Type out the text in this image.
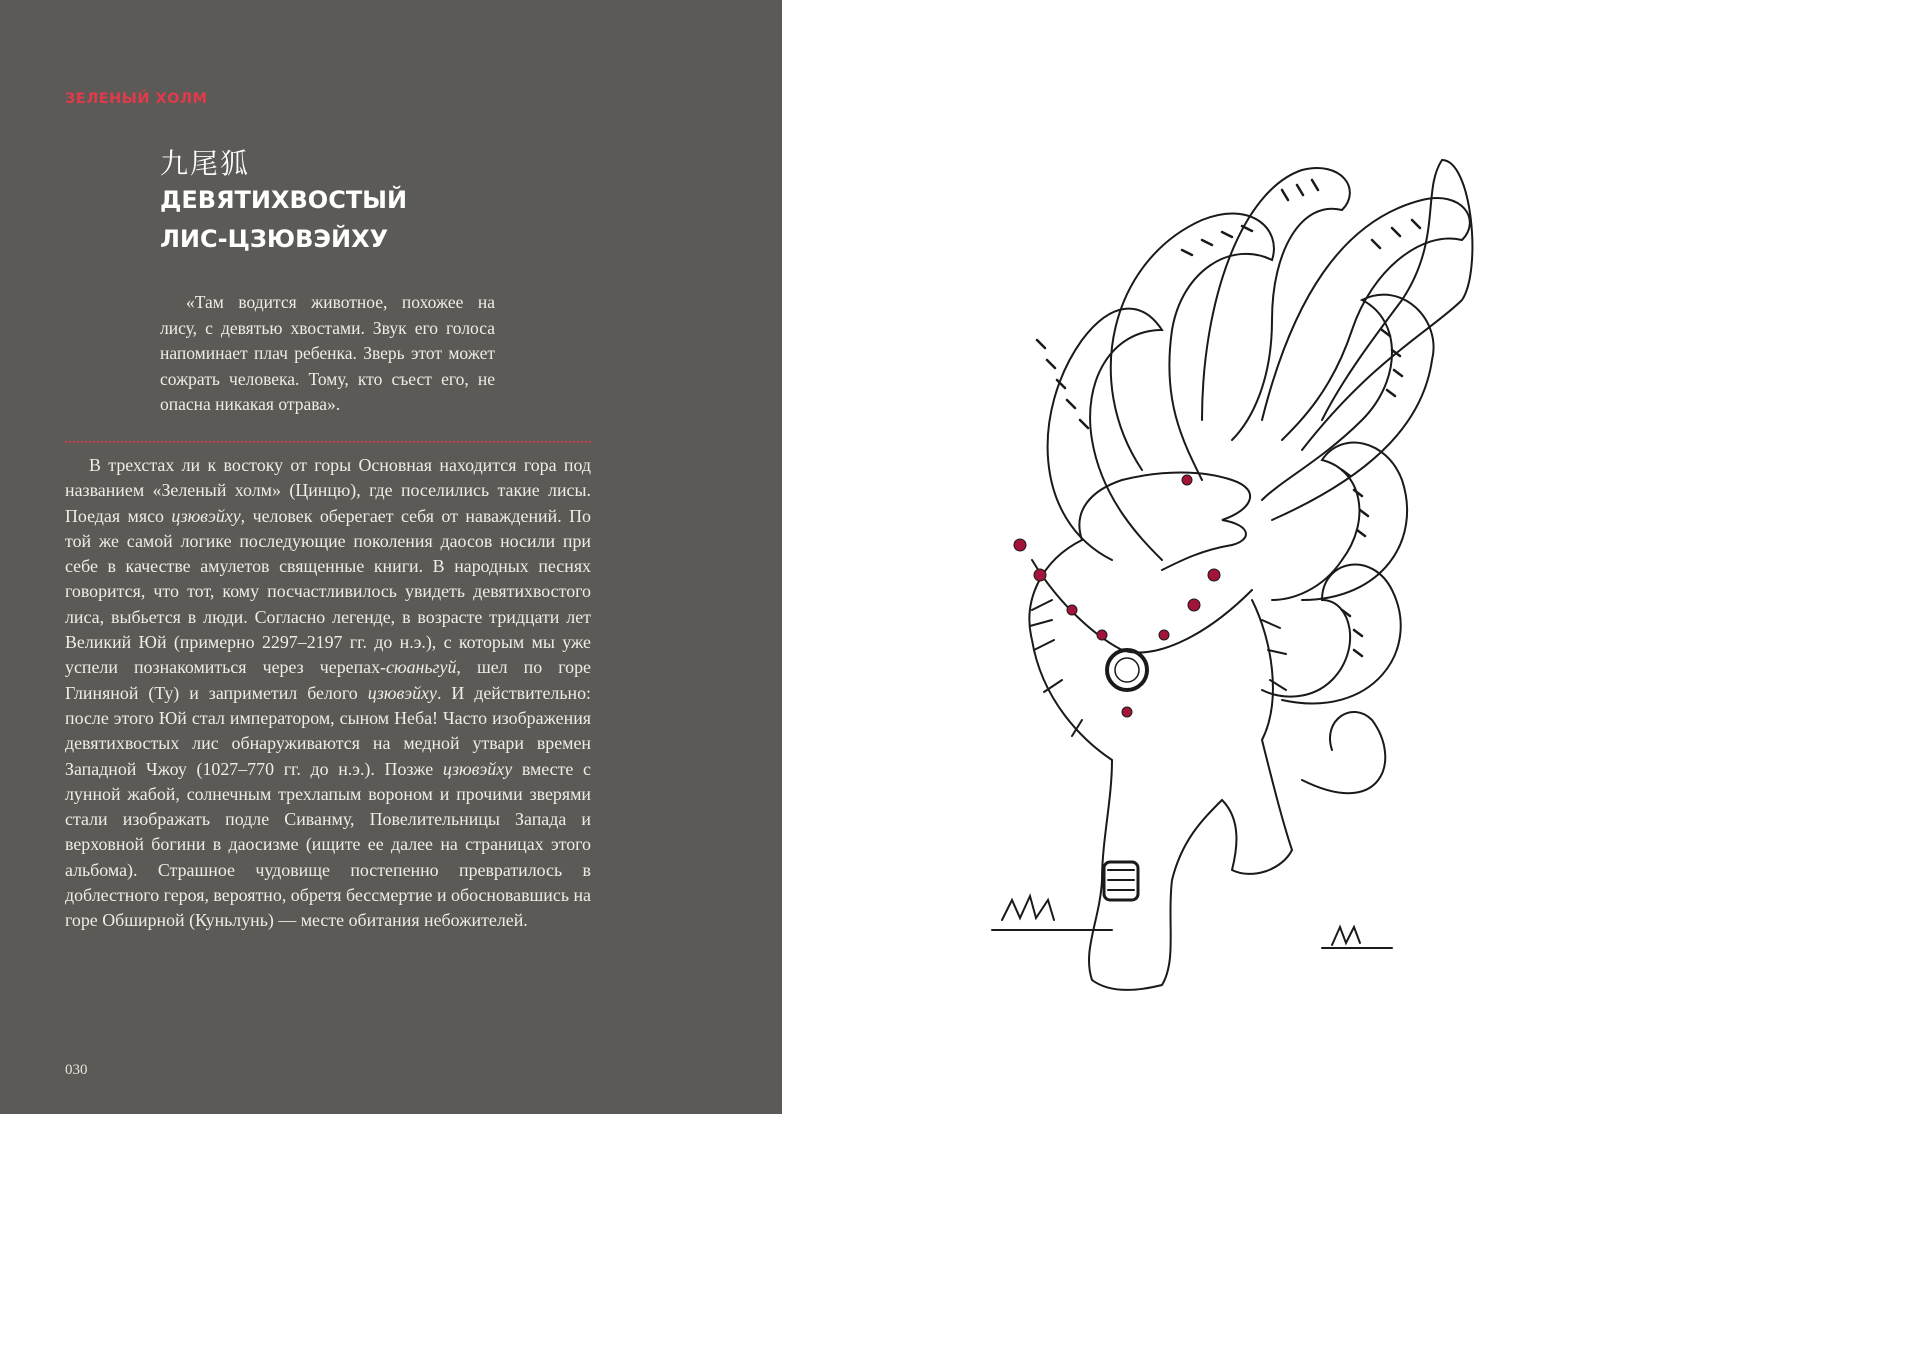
ЗЕЛЕНЫЙ ХОЛМ
九尾狐
ДЕВЯТИХВОСТЫЙ
ЛИС-ЦЗЮВЭЙХУ

«Там водится животное, похожее на лису, с девятью хвостами. Звук его голоса напоминает плач ребенка. Зверь этот может сожрать человека. Тому, кто съест его, не опасна никакая отрава».

В трехстах ли к востоку от горы Основная находится гора под названием «Зеленый холм» (Цинцю), где поселились такие лисы. Поедая мясо цзювэйху, человек оберегает себя от наваждений. По той же самой логике последующие поколения даосов носили при себе в качестве амулетов священные книги. В народных песнях говорится, что тот, кому посчастливилось увидеть девятихвостого лиса, выбьется в люди. Согласно легенде, в возрасте тридцати лет Великий Юй (примерно 2297–2197 гг. до н.э.), с которым мы уже успели познакомиться через черепах-сюаньгуй, шел по горе Глиняной (Ту) и заприметил белого цзювэйху. И действительно: после этого Юй стал императором, сыном Неба! Часто изображения девятихвостых лис обнаруживаются на медной утвари времен Западной Чжоу (1027–770 гг. до н.э.). Позже цзювэйху вместе с лунной жабой, солнечным трехлапым вороном и прочими зверями стали изображать подле Сиванму, Повелительницы Запада и верховной богини в даосизме (ищите ее далее на страницах этого альбома). Страшное чудовище постепенно превратилось в доблестного героя, вероятно, обретя бессмертие и обосновавшись на горе Обширной (Куньлунь) — месте обитания небожителей.

030
